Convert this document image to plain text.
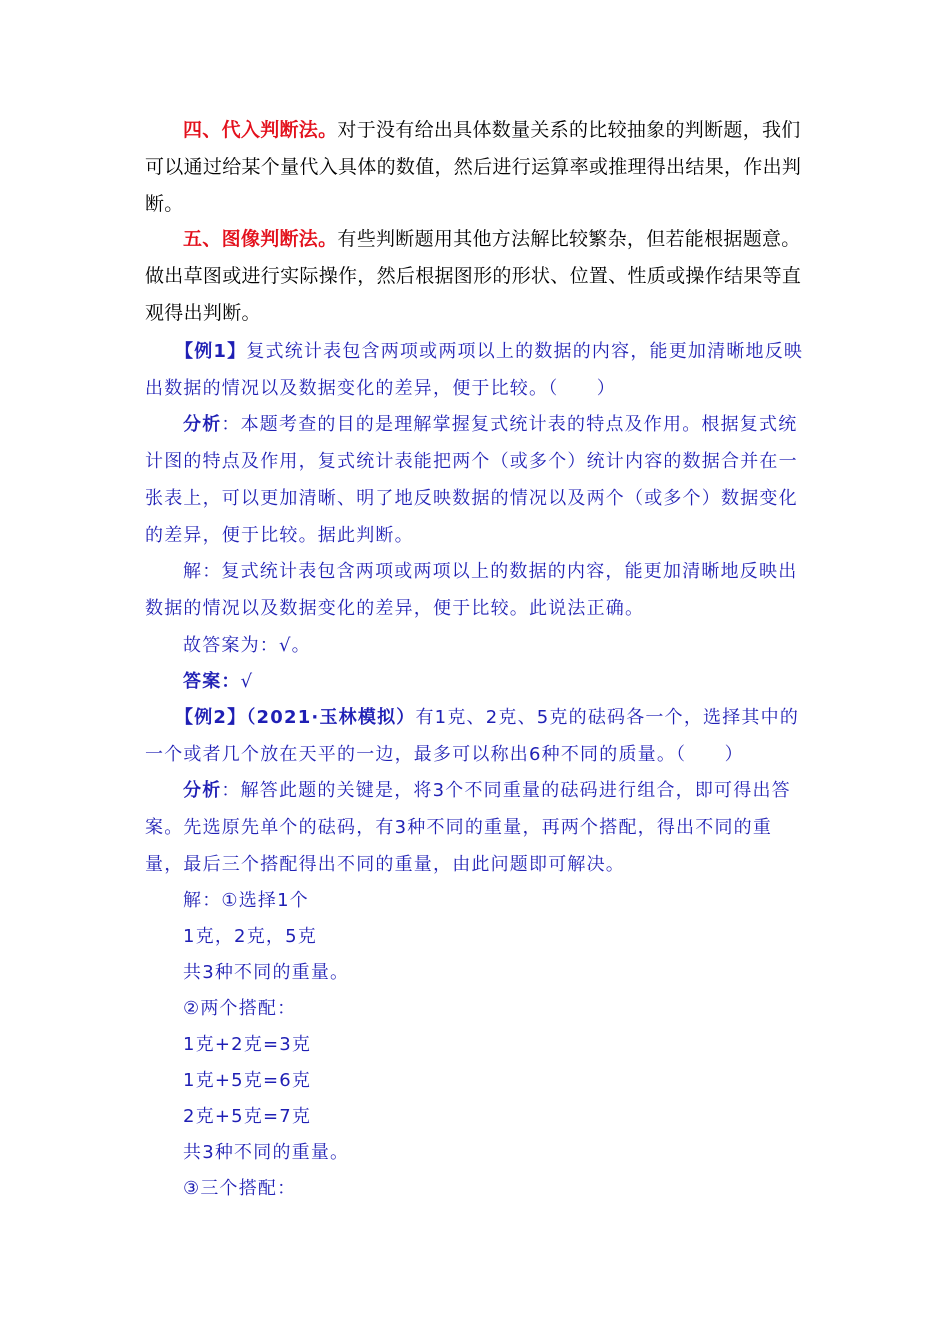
四、代入判断法。对于没有给出具体数量关系的比较抽象的判断题，我们可以通过给某个量代入具体的数值，然后进行运算率或推理得出结果，作出判断。

五、图像判断法。有些判断题用其他方法解比较繁杂，但若能根据题意。做出草图或进行实际操作，然后根据图形的形状、位置、性质或操作结果等直观得出判断。

【例1】复式统计表包含两项或两项以上的数据的内容，能更加清晰地反映出数据的情况以及数据变化的差异，便于比较。（　　）

分析：本题考查的目的是理解掌握复式统计表的特点及作用。根据复式统计图的特点及作用，复式统计表能把两个（或多个）统计内容的数据合并在一张表上，可以更加清晰、明了地反映数据的情况以及两个（或多个）数据变化的差异，便于比较。据此判断。

解：复式统计表包含两项或两项以上的数据的内容，能更加清晰地反映出数据的情况以及数据变化的差异，便于比较。此说法正确。

故答案为：√。

答案：√

【例2】（2021·玉林模拟）有1克、2克、5克的砝码各一个，选择其中的一个或者几个放在天平的一边，最多可以称出6种不同的质量。（　　）

分析：解答此题的关键是，将3个不同重量的砝码进行组合，即可得出答案。先选原先单个的砝码，有3种不同的重量，再两个搭配，得出不同的重量，最后三个搭配得出不同的重量，由此问题即可解决。

解：①选择1个

1克，2克，5克

共3种不同的重量。

②两个搭配：

1克+2克=3克

1克+5克=6克

2克+5克=7克

共3种不同的重量。

③三个搭配：
